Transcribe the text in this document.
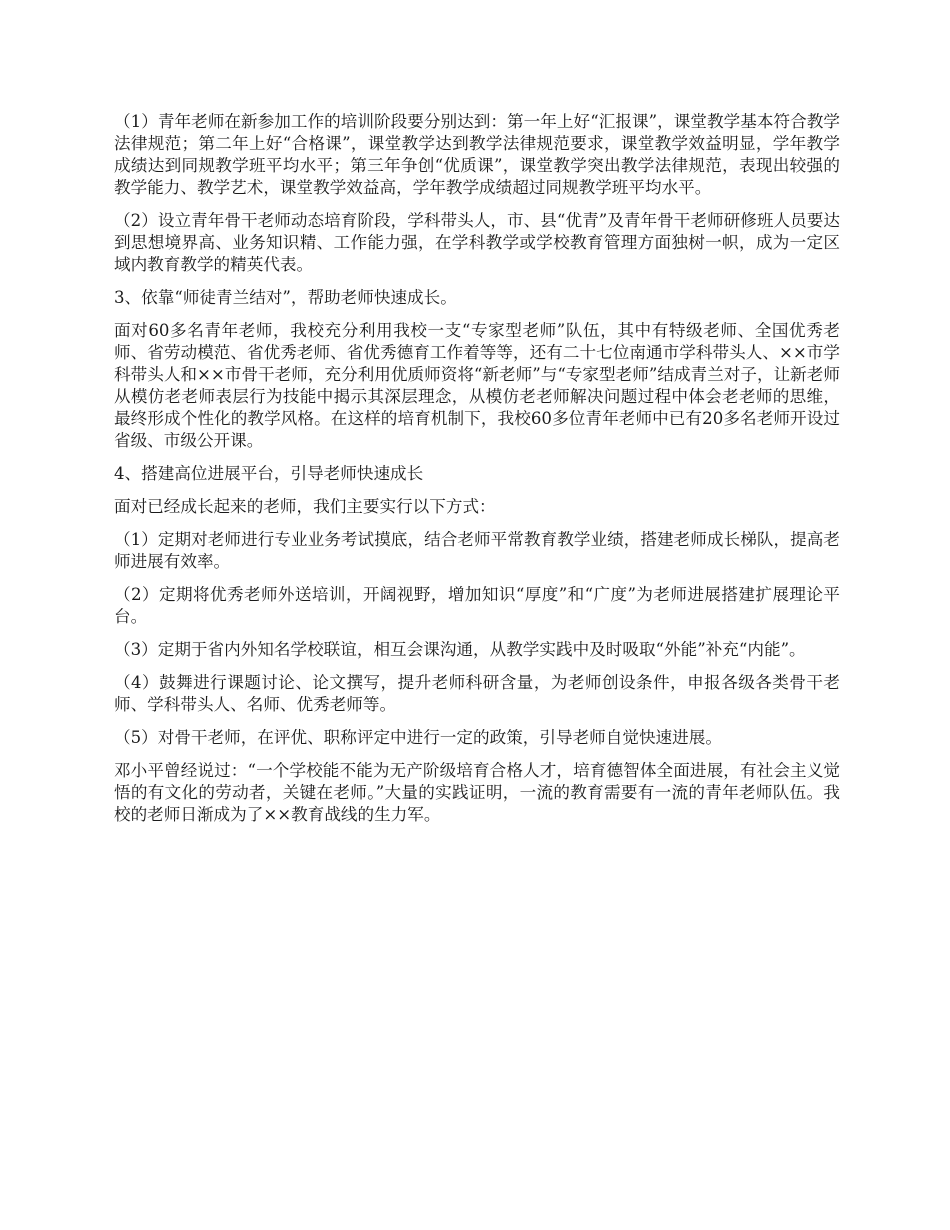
（1）青年老师在新参加工作的培训阶段要分别达到：第一年上好“汇报课”，课堂教学基本符合教学法律规范；第二年上好“合格课”，课堂教学达到教学法律规范要求，课堂教学效益明显，学年教学成绩达到同规教学班平均水平；第三年争创“优质课”，课堂教学突出教学法律规范，表现出较强的教学能力、教学艺术，课堂教学效益高，学年教学成绩超过同规教学班平均水平。

（2）设立青年骨干老师动态培育阶段，学科带头人，市、县“优青”及青年骨干老师研修班人员要达到思想境界高、业务知识精、工作能力强，在学科教学或学校教育管理方面独树一帜，成为一定区域内教育教学的精英代表。

3、依靠“师徒青兰结对”，帮助老师快速成长。

面对60多名青年老师，我校充分利用我校一支“专家型老师”队伍，其中有特级老师、全国优秀老师、省劳动模范、省优秀老师、省优秀德育工作着等等，还有二十七位南通市学科带头人、××市学科带头人和××市骨干老师，充分利用优质师资将“新老师”与“专家型老师”结成青兰对子，让新老师从模仿老老师表层行为技能中揭示其深层理念，从模仿老老师解决问题过程中体会老老师的思维，最终形成个性化的教学风格。在这样的培育机制下，我校60多位青年老师中已有20多名老师开设过省级、市级公开课。

4、搭建高位进展平台，引导老师快速成长

面对已经成长起来的老师，我们主要实行以下方式：

（1）定期对老师进行专业业务考试摸底，结合老师平常教育教学业绩，搭建老师成长梯队，提高老师进展有效率。

（2）定期将优秀老师外送培训，开阔视野，增加知识“厚度”和“广度”为老师进展搭建扩展理论平台。

（3）定期于省内外知名学校联谊，相互会课沟通，从教学实践中及时吸取“外能”补充“内能”。

（4）鼓舞进行课题讨论、论文撰写，提升老师科研含量，为老师创设条件，申报各级各类骨干老师、学科带头人、名师、优秀老师等。

（5）对骨干老师，在评优、职称评定中进行一定的政策，引导老师自觉快速进展。

邓小平曾经说过：“一个学校能不能为无产阶级培育合格人才，培育德智体全面进展，有社会主义觉悟的有文化的劳动者，关键在老师。”大量的实践证明，一流的教育需要有一流的青年老师队伍。我校的老师日渐成为了××教育战线的生力军。
